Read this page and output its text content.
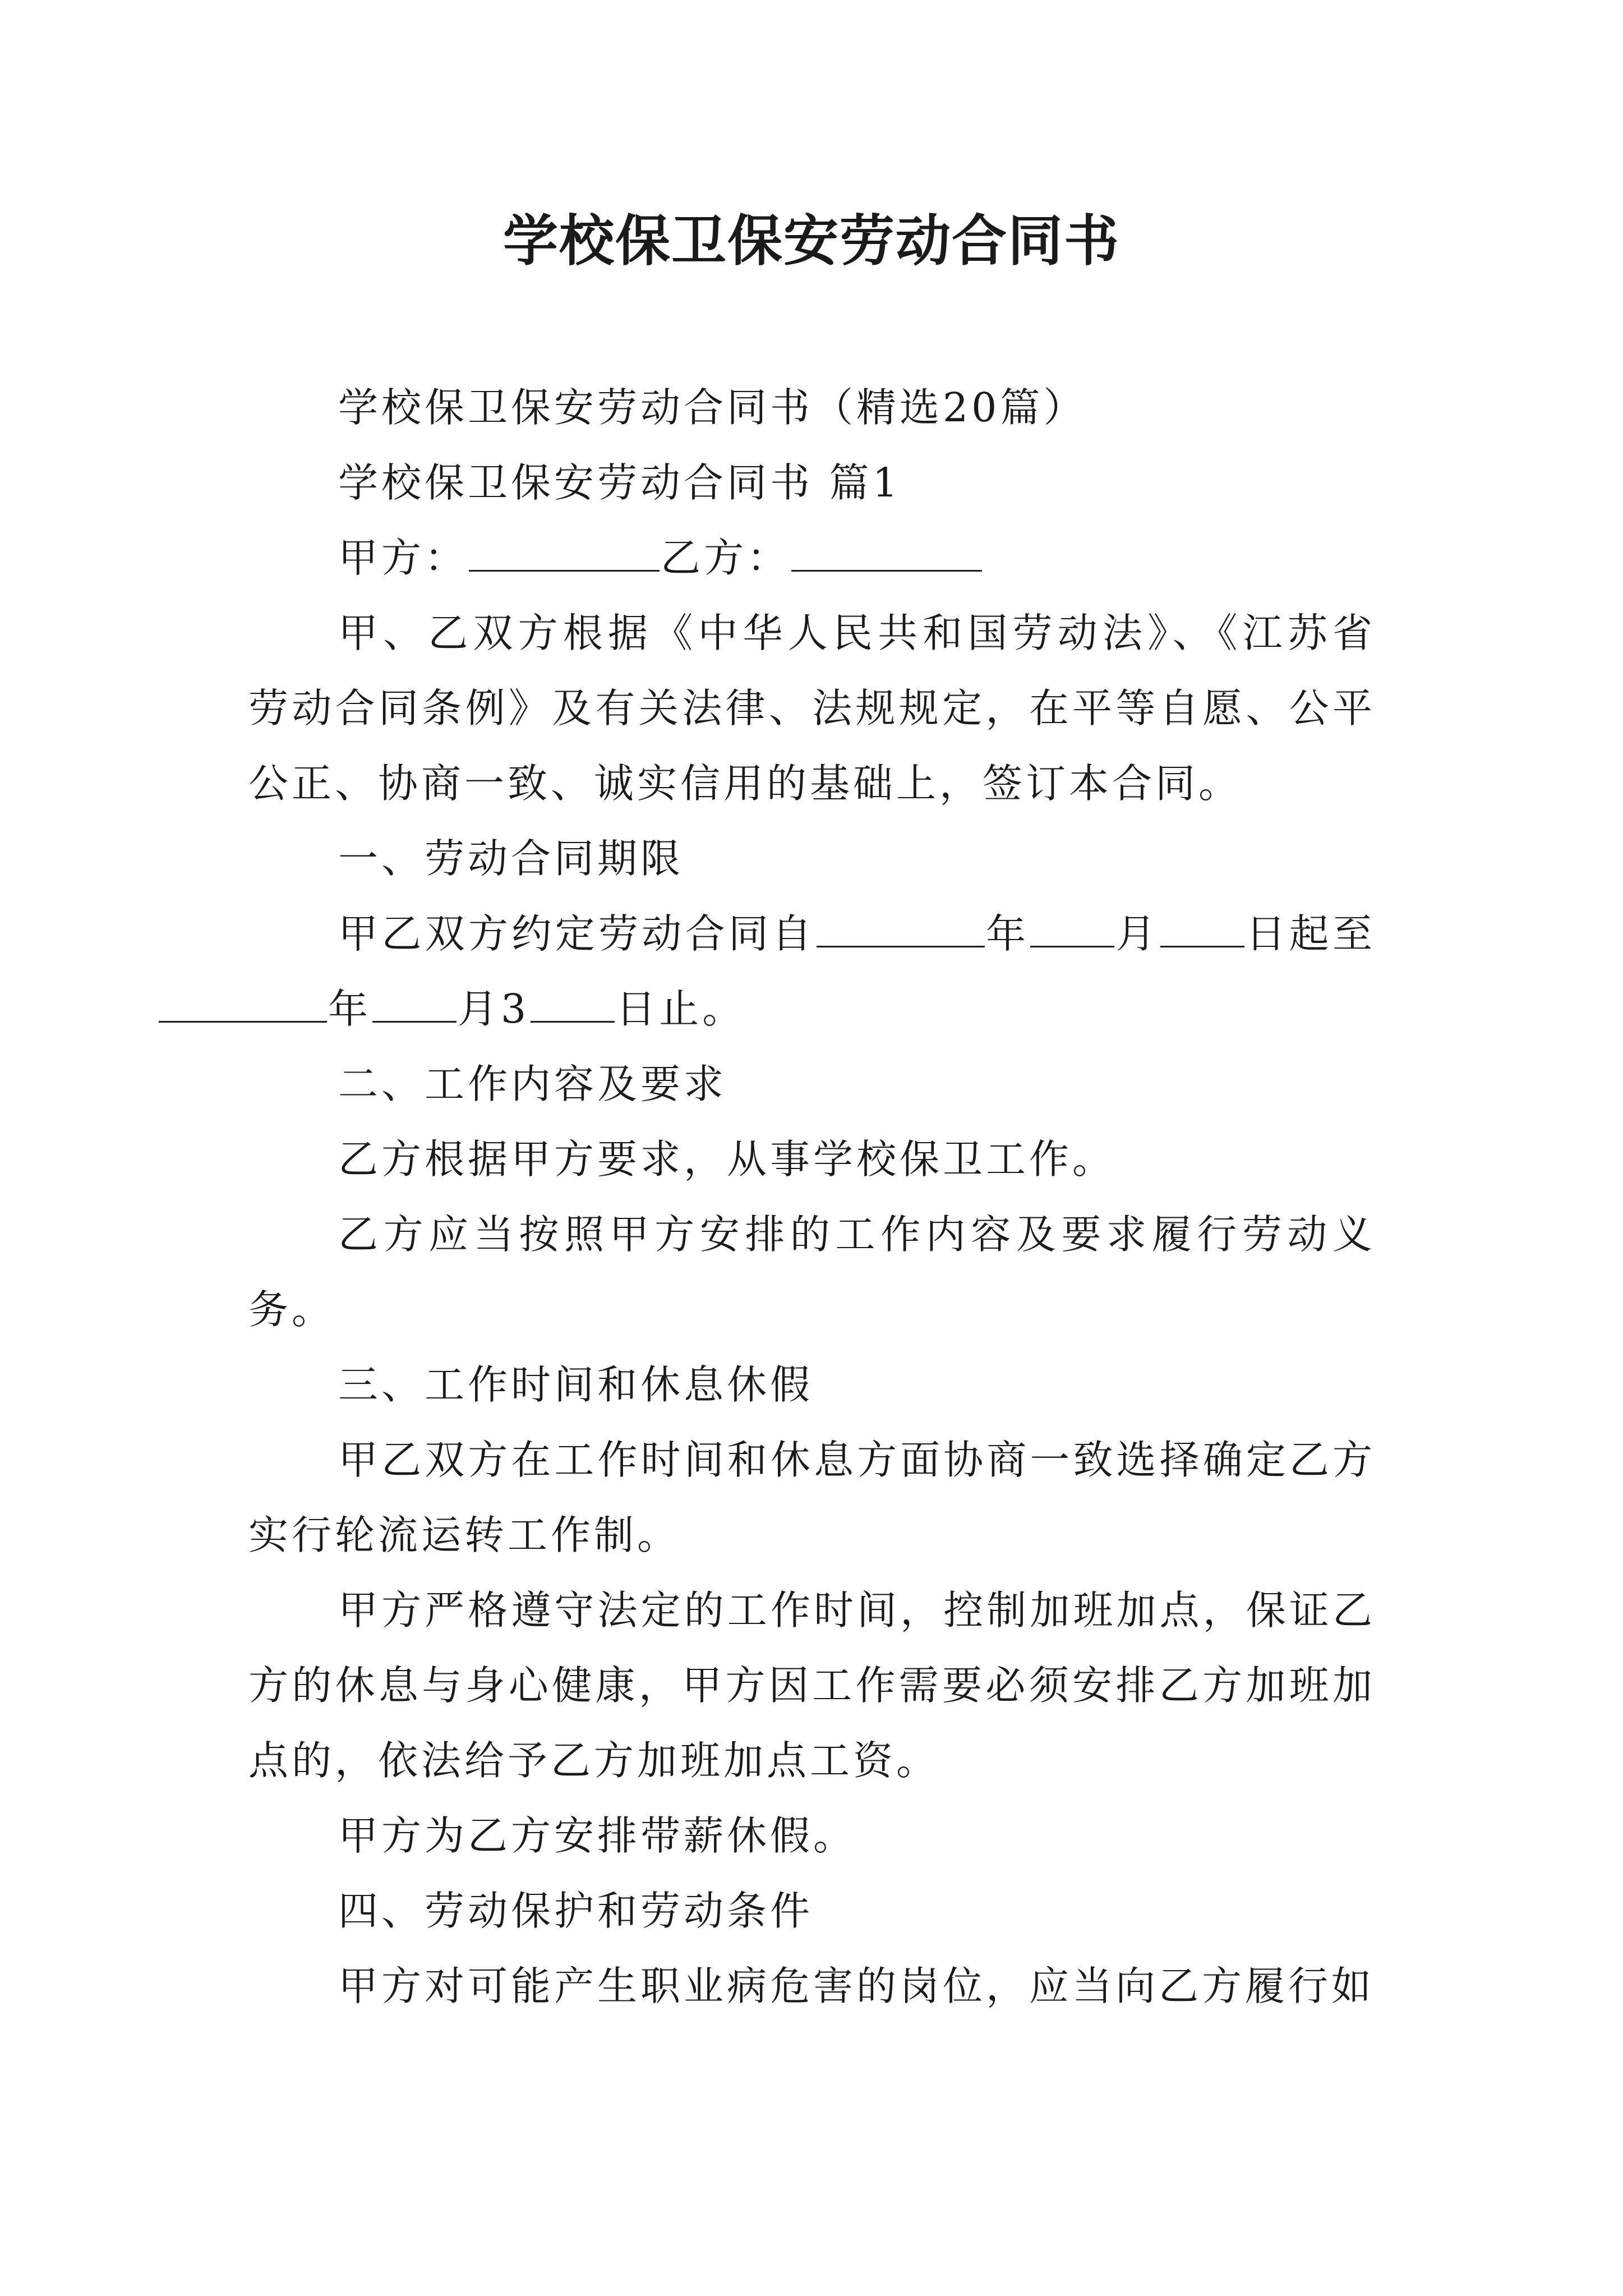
学校保卫保安劳动合同书

学校保卫保安劳动合同书（精选20篇）

学校保卫保安劳动合同书 篇1

甲方：	乙方：

甲、乙双方根据《中华人民共和国劳动法》、《江苏省劳动合同条例》及有关法律、法规规定，在平等自愿、公平公正、协商一致、诚实信用的基础上，签订本合同。

一、劳动合同期限

甲乙双方约定劳动合同自	年 月 日起至年 月3 日止。

二、工作内容及要求

乙方根据甲方要求，从事学校保卫工作。

乙方应当按照甲方安排的工作内容及要求履行劳动义务。

三、工作时间和休息休假

甲乙双方在工作时间和休息方面协商一致选择确定乙方实行轮流运转工作制。

甲方严格遵守法定的工作时间，控制加班加点，保证乙方的休息与身心健康，甲方因工作需要必须安排乙方加班加点的，依法给予乙方加班加点工资。

甲方为乙方安排带薪休假。

四、劳动保护和劳动条件

甲方对可能产生职业病危害的岗位，应当向乙方履行如
